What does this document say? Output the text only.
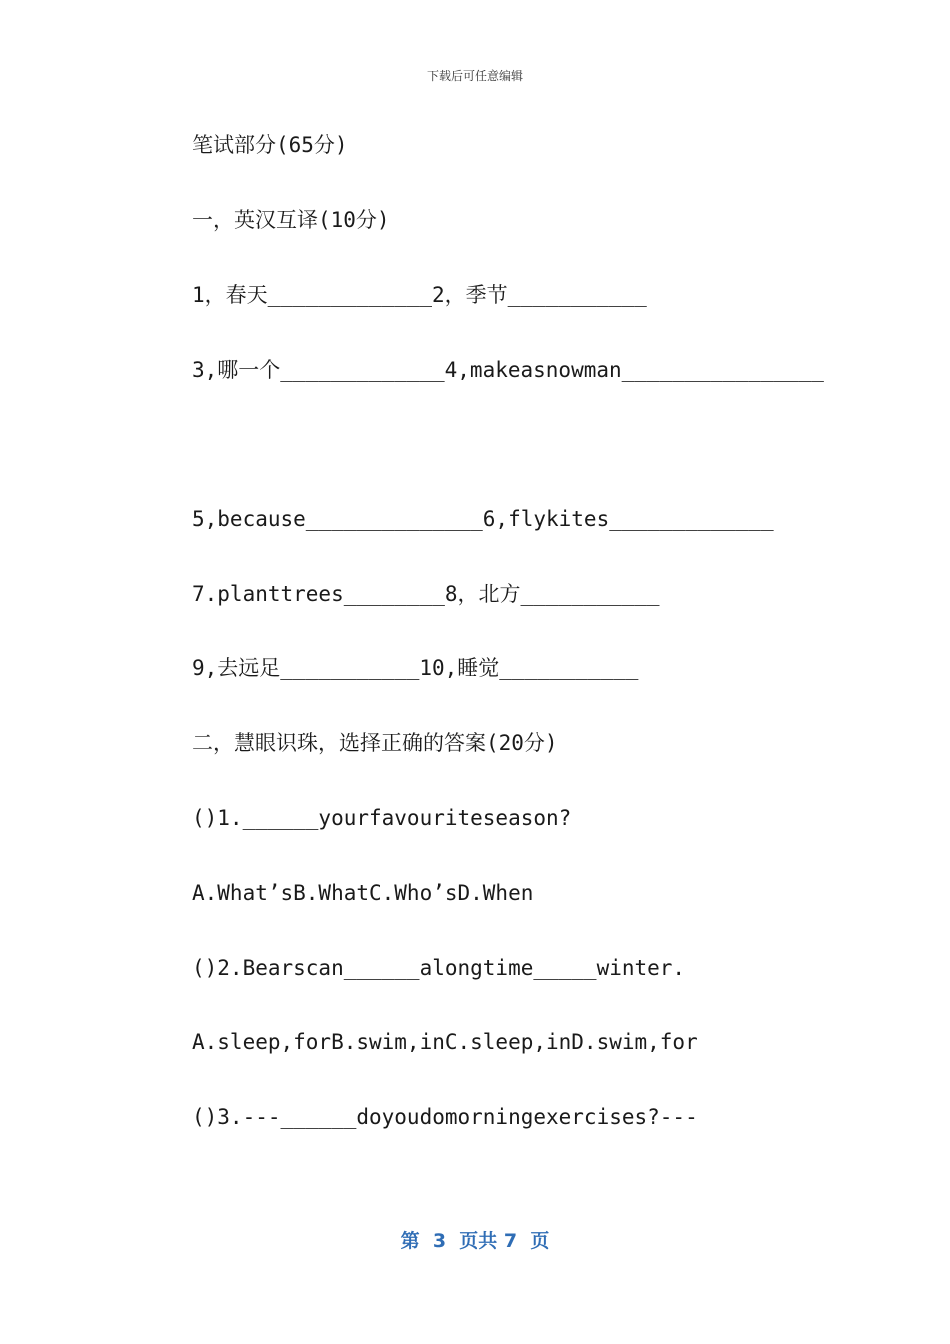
下载后可任意编辑
笔试部分(65分)
一，英汉互译(10分)
1，春天_____________2，季节___________
3,哪一个_____________4,makeasnowman________________
5,because______________6,flykites_____________
7.planttrees________8，北方___________
9,去远足___________10,睡觉___________
二，慧眼识珠，选择正确的答案(20分)
()1.______yourfavouriteseason?
A.What’sB.WhatC.Who’sD.When
()2.Bearscan______alongtime_____winter.
A.sleep,forB.swim,inC.sleep,inD.swim,for
()3.---______doyoudomorningexercises?---
第  3  页共 7  页
